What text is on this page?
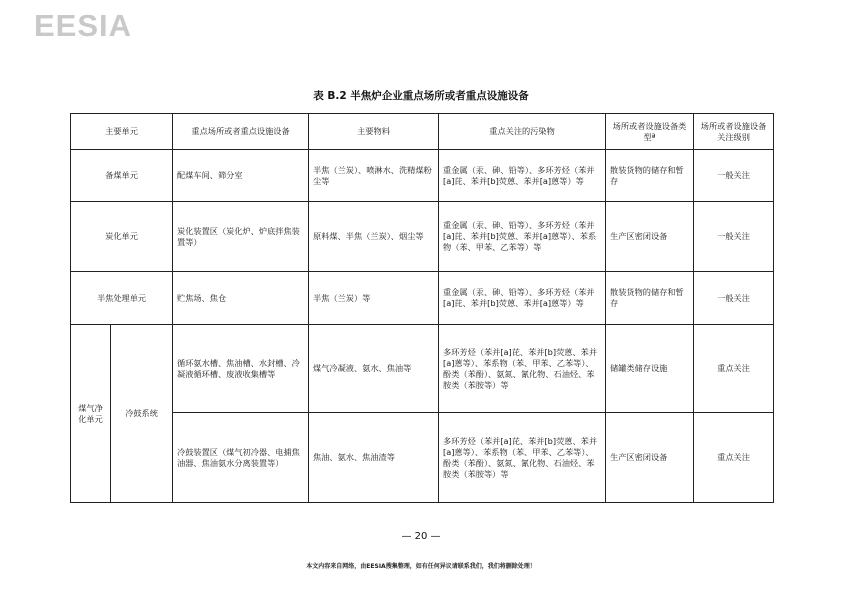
EESIA
表 B.2 半焦炉企业重点场所或者重点设施设备
主要单元		重点场所或者重点设施设备	主要物料	重点关注的污染物	场所或者设施设备类型ª	场所或者设施设备关注级别
备煤单元		配煤车间、筛分室	半焦（兰炭）、喷淋水、洗精煤粉尘等	重金属（汞、砷、铅等）、多环芳烃（苯并[a]芘、苯并[b]荧蒽、苯并[a]蒽等）等	散装货物的储存和暂存	一般关注
炭化单元		炭化装置区（炭化炉、炉底拌焦装置等）	原料煤、半焦（兰炭）、烟尘等	重金属（汞、砷、铅等）、多环芳烃（苯并[a]芘、苯并[b]荧蒽、苯并[a]蒽等）、苯系物（苯、甲苯、乙苯等）等	生产区密闭设备	一般关注
半焦处理单元		贮焦场、焦仓	半焦（兰炭）等	重金属（汞、砷、铅等）、多环芳烃（苯并[a]芘、苯并[b]荧蒽、苯并[a]蒽等）等	散装货物的储存和暂存	一般关注
煤气净化单元	冷鼓系统	循环氨水槽、焦油槽、水封槽、冷凝液循环槽、废液收集槽等	煤气冷凝液、氨水、焦油等	多环芳烃（苯并[a]芘、苯并[b]荧蒽、苯并[a]蒽等）、苯系物（苯、甲苯、乙苯等）、酚类（苯酚）、氨氮、氰化物、石油烃、苯胺类（苯胺等）等	储罐类储存设施	重点关注
		冷鼓装置区（煤气初冷器、电捕焦油器、焦油氨水分离装置等）	焦油、氨水、焦油渣等	多环芳烃（苯并[a]芘、苯并[b]荧蒽、苯并[a]蒽等）、苯系物（苯、甲苯、乙苯等）、酚类（苯酚）、氨氮、氰化物、石油烃、苯胺类（苯胺等）等	生产区密闭设备	重点关注
— 20 —
本文内容来自网络，由EESIA搜集整理，如有任何异议请联系我们，我们将删除处理！
